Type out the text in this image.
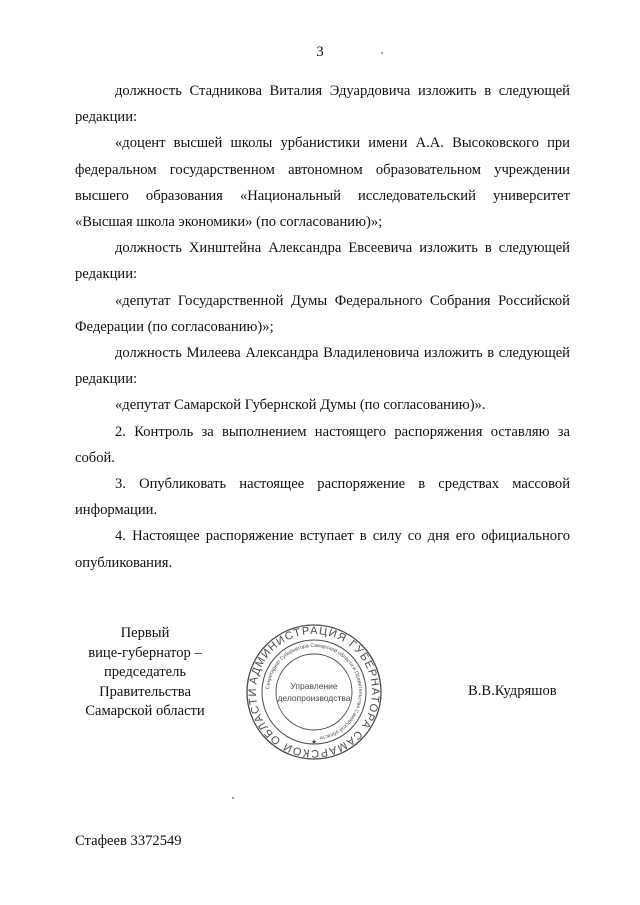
3

должность Стадникова Виталия Эдуардовича изложить в следующей редакции:

«доцент высшей школы урбанистики имени А.А. Высоковского при федеральном государственном автономном образовательном учреждении высшего образования «Национальный исследовательский университет «Высшая школа экономики» (по согласованию)»;

должность Хинштейна Александра Евсеевича изложить в следующей редакции:

«депутат Государственной Думы Федерального Собрания Российской Федерации (по согласованию)»;

должность Милеева Александра Владиленовича изложить в следующей редакции:

«депутат Самарской Губернской Думы (по согласованию)».

2. Контроль за выполнением настоящего распоряжения оставляю за собой.

3. Опубликовать настоящее распоряжение в средствах массовой информации.

4. Настоящее распоряжение вступает в силу со дня его официального опубликования.

Первый
вице-губернатор –
председатель Правительства
Самарской области
АДМИНИСТРАЦИЯ ГУБЕРНАТОРА САМАРСКОЙ ОБЛАСТИ
Секретариат Губернатора Самарской области и Правительства Самарской области
Управление
делопроизводства
★
В.В.Кудряшов
Стафеев 3372549
